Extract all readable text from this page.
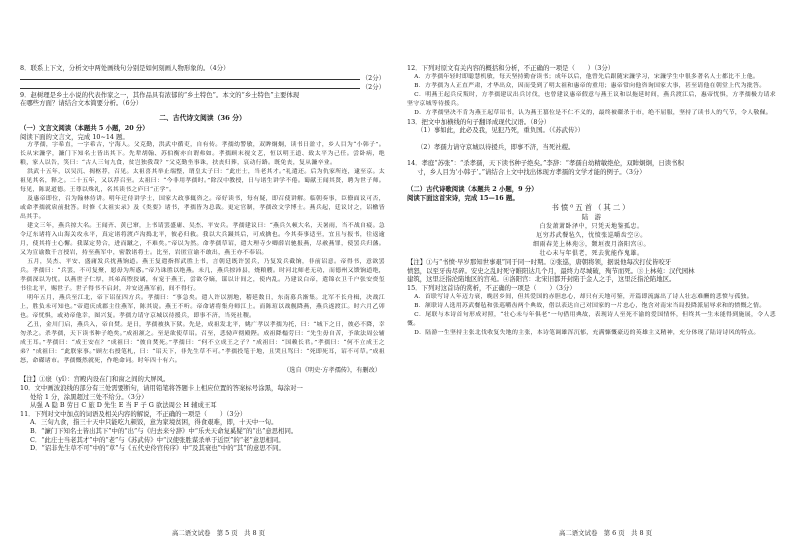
8．联系上下文，分析文中两处画线句分别是如何刻画人物形象的。（4分）
（2分）
（2分）
9．赵树理是乡土小说的代表作家之一，其作品具有浓郁的“乡土特色”。本文的“乡土特色”主要体现
在哪些方面？请结合文本简要分析。（6分）
二、古代诗文阅读（36 分）
（一）文言文阅读（本题共 5 小题，20 分）
阅读下面的文言文，完成 10~14 题。
方孝孺，字希直，一字希古，宁海人。父克勤，洪武中循吏，自有传。孝孺幼警敏，双眸炯炯，读书日盈寸，乡人目为“小韩子”。长从宋濂学，濂门下知名士皆出其下。先辈胡翰、苏伯衡亦自谓弗如。孝孺顾末视文艺，恒以明王道、致太平为己任。尝卧病，绝粮，家人以告，笑曰：“古人三旬九食，贫岂独我哉？”父克勤坐事诛，扶丧归葬，哀动行路。既免丧，复从濂卒业。
洪武十五年，以吴沉、揭枢荐，召见。太祖喜其举止端整，谓皇太子曰：“此庄士，当老其才。”礼遣还。后为仇家所连，逮至京。太祖见其名，释之。二十五年，又以荐召至。太祖曰：“今非用孝孺时。”除汉中教授，日与诸生讲学不倦。蜀献王闻其贤，聘为世子师。每见，陈说道德。王尊以殊礼，名其读书之庐曰“正学”。
及惠帝即位，召为翰林侍讲。明年迁侍讲学士，国家大政事辄咨之。帝好读书，每有疑，即召使讲解。临朝奏事，臣僚面议可否，或命孝孺就扆前批答。时修《太祖实录》及《类要》诸书，孝孺皆为总裁。更定官制，孝孺改文学博士。燕兵起，廷议讨之，诏檄皆出其手。
建文三年，燕兵掠大名。王闻齐、黄已窜，上书请罢盛庸、吴杰、平安兵。孝孺建议曰：“燕兵久顿大名，天暑雨，当不战自疲。急令辽东诸将入山海关攻永平，真定诸将渡卢沟捣北平，彼必归救。我以大兵蹑其后，可成擒也。今其奏事适至，宜且与报书，往返逾月，使其将士心懈。我谋定势合，进而蹴之，不难矣。”帝以为然。命孝孺草诏，遣大理寺少卿薛岩驰报燕，尽赦燕罪，使罢兵归藩。又为宣谕数千言授岩，持至燕军中，密散诸将士。比至，岩匿宣谕不敢出，燕王亦不奉诏。
五月，吴杰、平安、盛庸发兵扰燕饷道。燕王复遣指挥武胜上书，言朝廷既许罢兵，乃复发兵截饷，非前诏意。帝得书，意欲罢兵。孝孺曰：“兵罢，不可复聚，愿毋为所惑。”帝乃诛胜以绝燕。未几，燕兵掠沛县，烧粮艘。时河北师老无功，而德州又馈饷道绝，孝孺深以为忧。以燕世子仁厚，其弟高煦狡谲，有宠于燕王，尝欲夺嫡，谋以计间之，使内乱。乃建议白帝，遣锦衣卫千户张安赍玺书往北平，赐世子。世子得书不启封，并安送燕军前，间不得行。
明年五月，燕兵至江北，帝下诏征四方兵。孝孺曰：“事急矣。遣人许以割地，稽延数日，东南募兵渐集。北军不长舟楫，决战江上，胜负未可知也。”帝遣庆成郡主往燕军，陈其说。燕王不听。帝命诸将集舟师江上。而陈瑄以战舰降燕，燕兵遂渡江。时六月乙卯也。帝忧惧，或劝帝他幸，图兴复。孝孺力请守京城以待援兵，即事不济，当死社稷。
乙丑，金川门启，燕兵入，帝自焚。是日，孝孺被执下狱。先是，成祖发北平，姚广孝以孝孺为托，曰：“城下之日，彼必不降，幸勿杀之。杀孝孺，天下读书种子绝矣。”成祖颔之。至是欲使草诏。召至，悲恸声彻殿陛。成祖降榻劳曰：“先生毋自苦，予欲法周公辅成王耳。”孝孺曰：“成王安在？”成祖曰：“彼自焚死。”孝孺曰：“何不立成王之子？”成祖曰：“国赖长君。”孝孺曰：“何不立成王之弟？”成祖曰：“此朕家事。”顾左右授笔札，曰：“诏天下，非先生草不可。”孝孺投笔于地，且哭且骂曰：“死即死耳，诏不可草。”成祖怒，命磔诸市。孝孺慨然就死，作绝命词。时年四十有六。
（选自《明史·方孝孺传》，有删改）
【注】①扆（yǐ）：宫殿内设在门和窗之间的大屏风。
10．文中画波浪线的部分有三处需要断句，请用铅笔将答题卡上相应位置的答案标号涂黑，每涂对一
处给 1 分，涂黑超过三处不给分。（3分）
从强 A 隐 B 劳日 C 旅 D 先生 E 当 F 子 G 欲法周公 H 辅成王耳
11．下列对文中加点的词语及相关内容的解说，不正确的一项是（　　）（3分）
A．三旬九食，指三十天中只能吃九顿饭，意为家境贫困，得食艰难，即，十天中一旬。
B．“濂门下知名士皆出其下”中的“出”与《归去来兮辞》中“乐夫天命复奚疑”的“出”意思相同。
C．“此庄士当老其才”中的“老”与《苏武传》中“汉使张胜谋杀单于近臣”的“老”意思相同。
D．“诏非先生草不可”中的“草”与《五代史伶官传序》中“及其衰也”中的“其”的意思不同。
高二语文试卷　第 5 页　共 8 页
12．下列对原文有关内容的概括和分析，不正确的一项是（　　）（3分）
A．方孝孺年轻时即聪慧机敏，每天坚持勤奋读书；成年以后，他曾先后跟随宋濂学习，宋濂学生中很多著名人士都比不上他。
B．方孝孺为人正直严肃，才华出众，因而受到了明太祖和惠帝的重用；惠帝常向他咨询国家大事，甚至请他在朝堂上代为批答。
C．明燕王起兵反叛时，方孝孺建议出兵讨伐，也曾建议惠帝假意与燕王议和以拖延时间，燕兵渡江后，惠帝忧惧，方孝孺极力请求坚守京城等待援兵。
D．方孝孺坚决不肯为燕王起草诏书，认为燕王篡位是不仁不义的，最终被磔杀于市，绝不屈服，坚持了读书人的气节，令人敬佩。
13．把文中加横线的句子翻译成现代汉语。（8分）
（1）事如此，此必及我，见犯乃死，重负国。（《苏武传》）
（2）孝孺力请守京城以待援兵，即事不济，当死社稷。
14．孝庭“苏张”：“杀孝孺，天下读书种子绝矣。”李辞：“孝孺自幼精敏绝伦，双眸炯炯，日读书积
寸，乡人目为‘小韩子’。”请结合上文中找出体现方孝孺的文学才能的例子。（3分）
（二）古代诗歌阅读（本题共 2 小题，9 分）
阅读下面这首宋诗，完成 15—16 题。
书愤⁰五首（其二）
陆　游
白发萧萧卧泽中，只凭天地鉴孤忠。
厄穷苏武餐毡久，忧愤张巡嚼齿空②。
细雨春芜上林苑③，颓垣夜月洛阳宫④。
壮心未与年俱老，死去犹能作鬼雄。
【注】①与“书愤·早岁那知世事艰”同于同一时期。②张巡，唐朝将领，据说他每次打仗皆咬牙
愤怒，以至牙齿尽碎。安史之乱时死守睢阳达几个月，最终力尽城破，殉节而死。③上林苑：汉代园林
建筑，这里泛指沦陷地区的宫苑。④洛阳宫：北宋旧都开封陷于金人之手，这里泛指沦陷地区。
15．下列对这首诗的赏析，不正确的一项是（　　）（3分）
A．首联写诗人年迈力衰，晚居乡间，但其爱国的赤胆忠心，却只有天地可鉴，开篇即流露出了诗人壮志难酬的悲愤与孤独。
B．颔联诗人选用苏武餐毡和张巡嚼齿两个典故，借以表达自己对国家的一片忠心，饱含对南宋当局投降派屈辱求和的愤慨之情。
C．尾联与本诗首句形成对照，“壮心未与年俱老”一句借用典故，表现诗人至死不渝的爱国情怀，但终其一生未能得到施展，令人悲慨。
D．陆游一生坚持主张北伐收复失地的主张，本诗笔调雄浑沉郁，充满慷慨豪迈的英雄主义精神，充分体现了陆诗诗风的特点。
高二语文试卷　第 6 页　共 8 页
